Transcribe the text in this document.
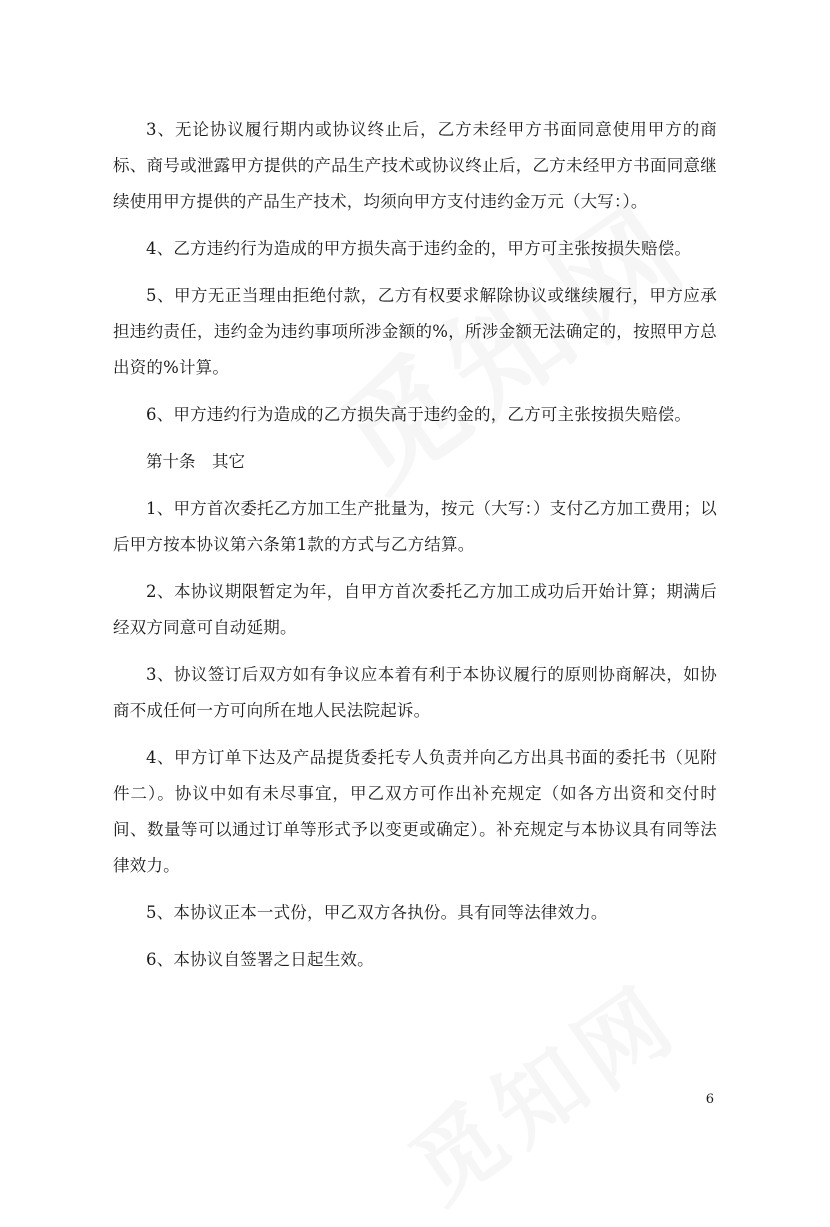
3、无论协议履行期内或协议终止后，乙方未经甲方书面同意使用甲方的商标、商号或泄露甲方提供的产品生产技术或协议终止后，乙方未经甲方书面同意继续使用甲方提供的产品生产技术，均须向甲方支付违约金万元（大写：）。

4、乙方违约行为造成的甲方损失高于违约金的，甲方可主张按损失赔偿。

5、甲方无正当理由拒绝付款，乙方有权要求解除协议或继续履行，甲方应承担违约责任，违约金为违约事项所涉金额的%，所涉金额无法确定的，按照甲方总出资的%计算。

6、甲方违约行为造成的乙方损失高于违约金的，乙方可主张按损失赔偿。

第十条　其它

1、甲方首次委托乙方加工生产批量为，按元（大写：）支付乙方加工费用；以后甲方按本协议第六条第1款的方式与乙方结算。

2、本协议期限暂定为年，自甲方首次委托乙方加工成功后开始计算；期满后经双方同意可自动延期。

3、协议签订后双方如有争议应本着有利于本协议履行的原则协商解决，如协商不成任何一方可向所在地人民法院起诉。

4、甲方订单下达及产品提货委托专人负责并向乙方出具书面的委托书（见附件二）。协议中如有未尽事宜，甲乙双方可作出补充规定（如各方出资和交付时间、数量等可以通过订单等形式予以变更或确定）。补充规定与本协议具有同等法律效力。

5、本协议正本一式份，甲乙双方各执份。具有同等法律效力。

6、本协议自签署之日起生效。

6
